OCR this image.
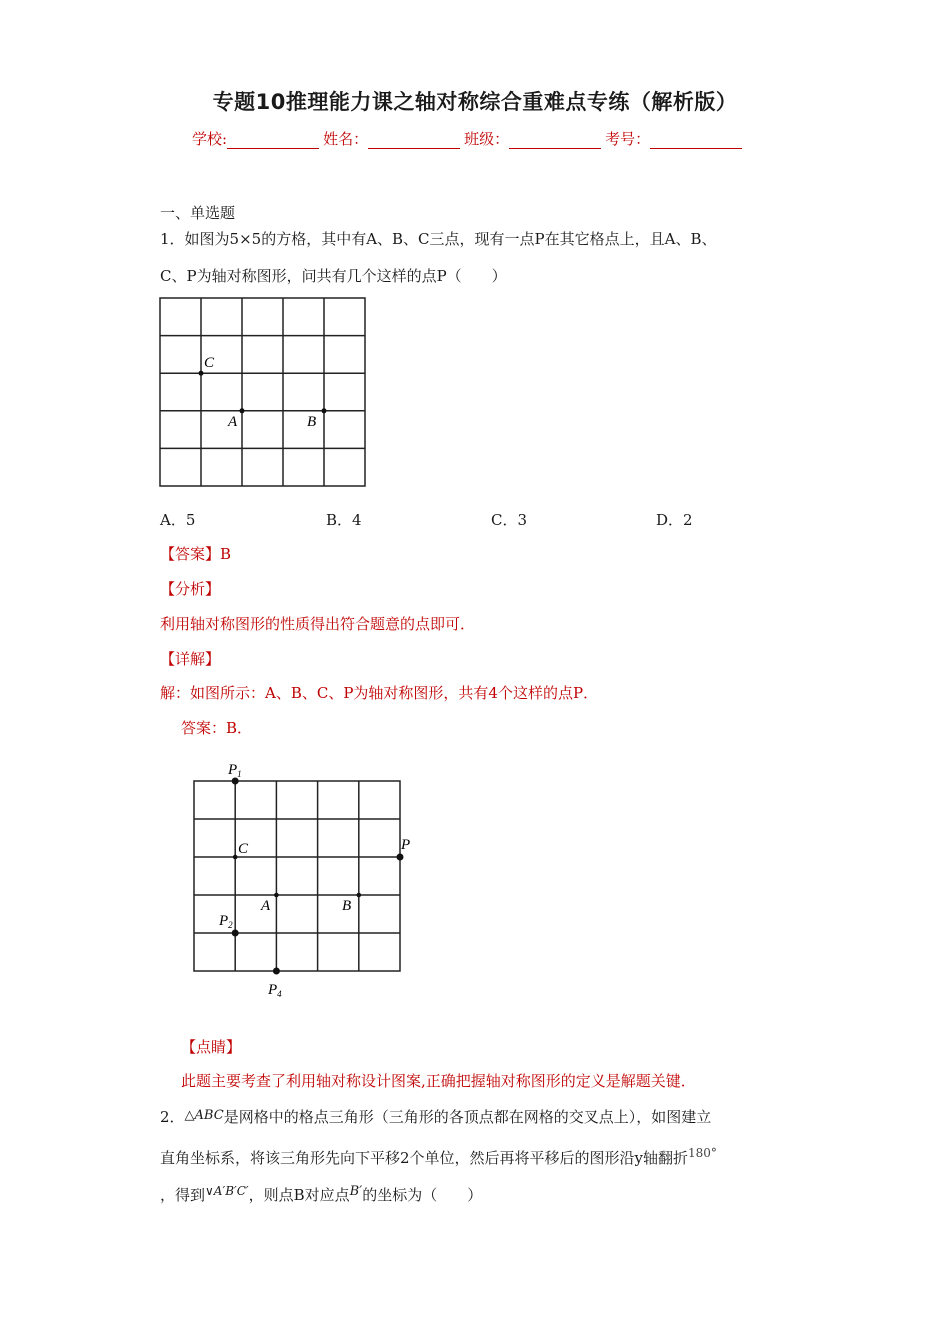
专题10推理能力课之轴对称综合重难点专练（解析版）
学校:	姓名：	班级：	考号：
一、单选题
1．如图为5×5的方格，其中有A、B、C三点，现有一点P在其它格点上，且A、B、
C、P为轴对称图形，问共有几个这样的点P（　　）
C
A	B
A．5	B．4	C．3	D．2
【答案】B
【分析】
利用轴对称图形的性质得出符合题意的点即可．
【详解】
解：如图所示：A、B、C、P为轴对称图形，共有4个这样的点P．
答案：B．
$P_1$
C	P
A	B
$P_2$
$P_4$
【点睛】
此题主要考查了利用轴对称设计图案,正确把握轴对称图形的定义是解题关键．
2．△ABC是网格中的格点三角形（三角形的各顶点都在网格的交叉点上），如图建立
直角坐标系，将该三角形先向下平移2个单位，然后再将平移后的图形沿y轴翻折$^{180^\circ}$
，得到$^{\vee A'B'C'}$，则点B对应点B′的坐标为（　　）
